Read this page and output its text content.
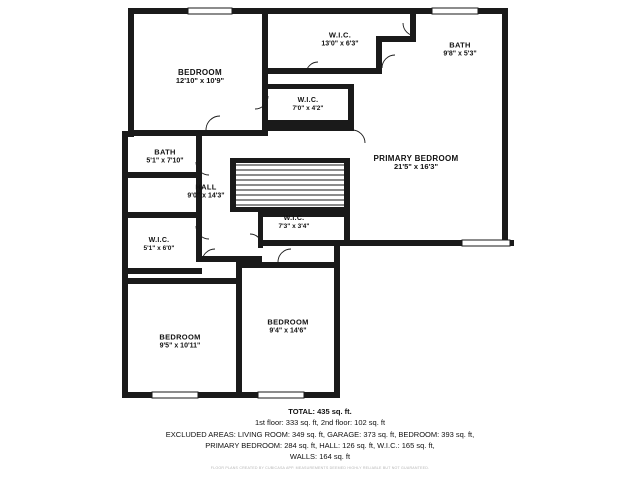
BEDROOM
12'10" x 10'9"
W.I.C.
13'0" x 6'3"	BATH
9'8" x 5'3"
W.I.C.
7'0" x 4'2"
BATH
5'1" x 7'10"	PRIMARY BEDROOM
21'5" x 16'3"
HALL
9'0" x 14'3"
W.I.C.
7'3" x 3'4"
W.I.C.
5'1" x 6'0"
BEDROOM
9'4" x 14'6"
BEDROOM
9'5" x 10'11"
TOTAL: 435 sq. ft.
1st floor: 333 sq. ft, 2nd floor: 102 sq. ft
EXCLUDED AREAS: LIVING ROOM: 349 sq. ft, GARAGE: 373 sq. ft, BEDROOM: 393 sq. ft,
PRIMARY BEDROOM: 284 sq. ft, HALL: 126 sq. ft, W.I.C.: 165 sq. ft,
WALLS: 164 sq. ft
FLOOR PLANS CREATED BY CUBICASA APP. MEASUREMENTS DEEMED HIGHLY RELIABLE BUT NOT GUARANTEED.
